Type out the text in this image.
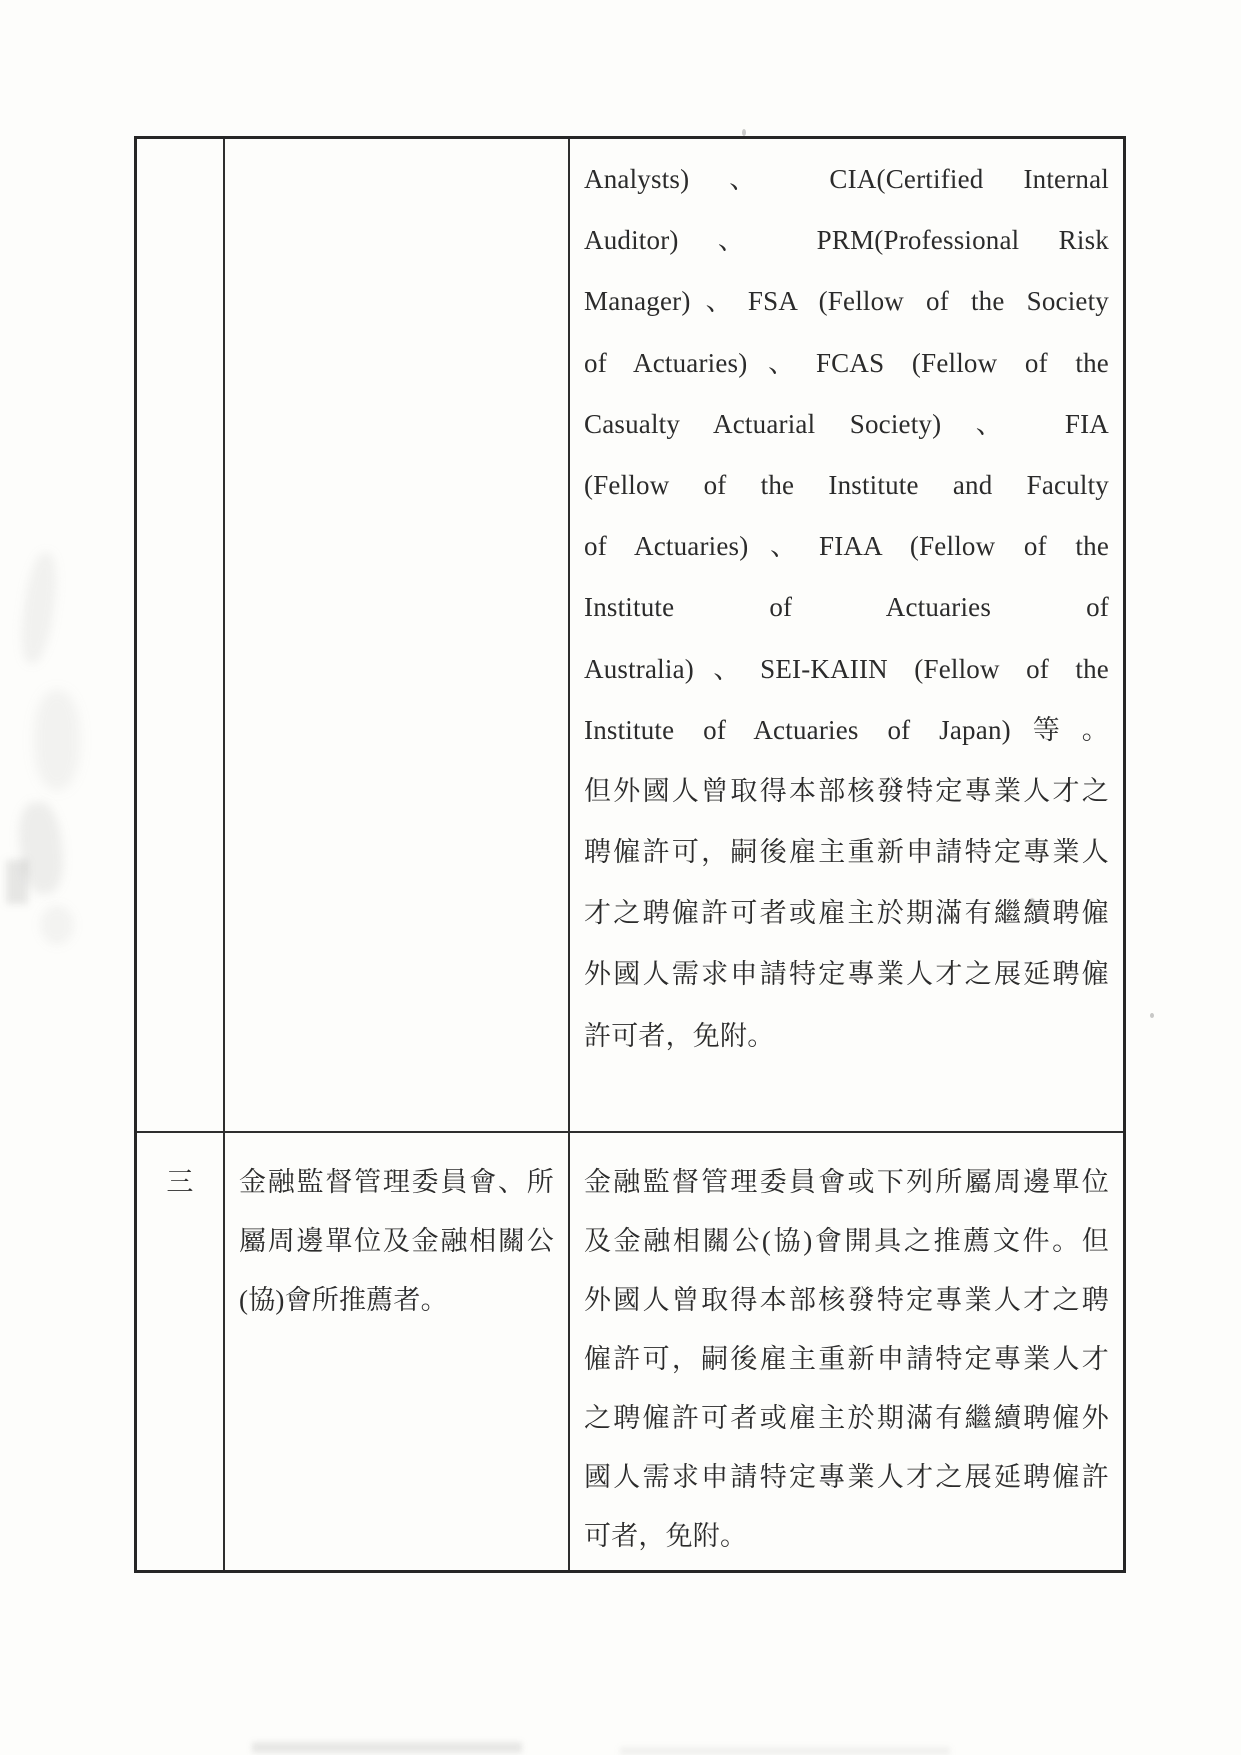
Analysts) 、 CIA(Certified Internal
Auditor) 、 PRM(Professional Risk
Manager)、FSA (Fellow of the Society
of Actuaries)、FCAS (Fellow of the
Casualty Actuarial Society) 、 FIA
(Fellow of the Institute and Faculty
of Actuaries)、FIAA (Fellow of the
Institute of Actuaries of
Australia)、SEI-KAIIN (Fellow of the
Institute of Actuaries of Japan)等。
但外國人曾取得本部核發特定專業人才之
聘僱許可，嗣後雇主重新申請特定專業人
才之聘僱許可者或雇主於期滿有繼續聘僱
外國人需求申請特定專業人才之展延聘僱
許可者，免附。
三	金融監督管理委員會、所
屬周邊單位及金融相關公
(協)會所推薦者。
金融監督管理委員會或下列所屬周邊單位
及金融相關公(協)會開具之推薦文件。但
外國人曾取得本部核發特定專業人才之聘
僱許可，嗣後雇主重新申請特定專業人才
之聘僱許可者或雇主於期滿有繼續聘僱外
國人需求申請特定專業人才之展延聘僱許
可者，免附。
